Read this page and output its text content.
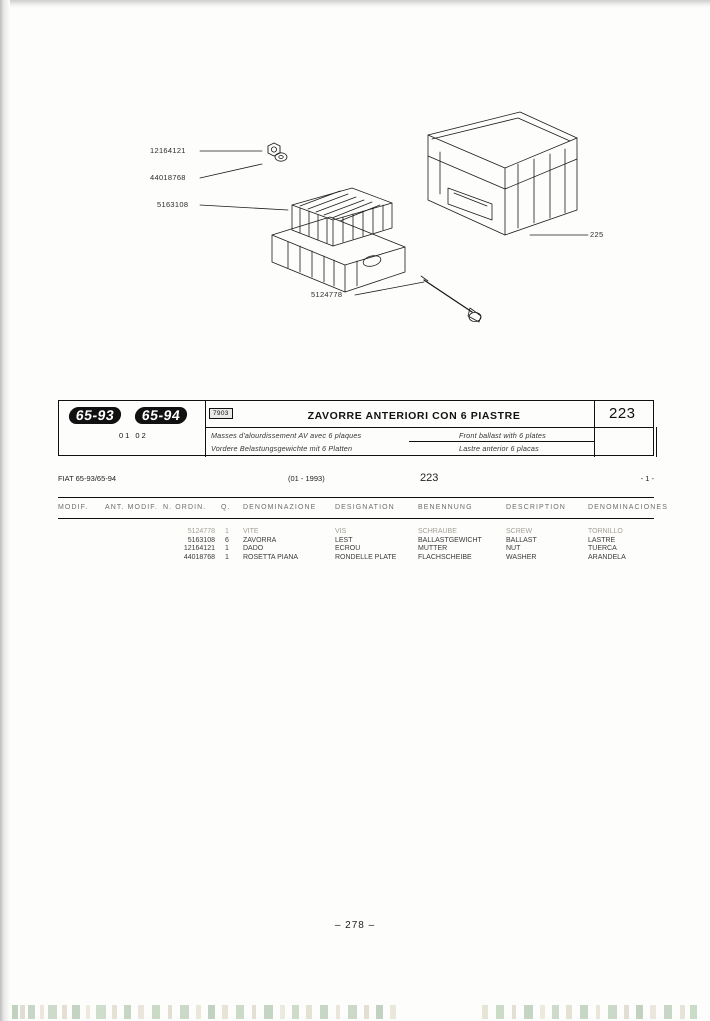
12164121
44018768
5163108
5124778
225
65-93	65-94
01 02
7903	ZAVORRE ANTERIORI CON 6 PIASTRE
Masses d'alourdissement AV avec 6 plaques
Vordere Belastungsgewichte mit 6 Platten
Front ballast with 6 plates
Lastre anterior 6 placas
223
FIAT 65-93/65-94	(01 - 1993)	223	- 1 -
MODIF. ANT. MODIF. N. ORDIN. Q. DENOMINAZIONE	DESIGNATION	BENENNUNG	DESCRIPTION	DENOMINACIONES
5124778 1	VITE	VIS	SCHRAUBE	SCREW	TORNILLO
5163108 6	ZAVORRA	LEST	BALLASTGEWICHT	BALLAST	LASTRE
12164121 1	DADO	ECROU	MUTTER	NUT	TUERCA
44018768 1	ROSETTA PIANA	RONDELLE PLATE	FLACHSCHEIBE	WASHER	ARANDELA
– 278 –
